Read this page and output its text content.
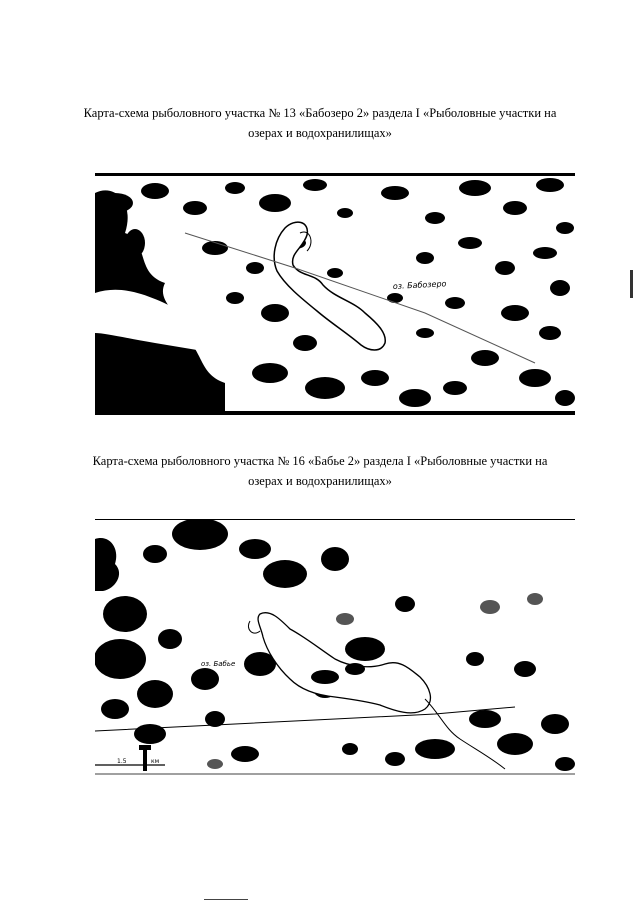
Карта-схема рыболовного участка № 13 «Бабозеро 2» раздела I «Рыболовные участки на озерах и водохранилищах»

оз. Бабозеро

Карта-схема рыболовного участка № 16 «Бабье 2» раздела I «Рыболовные участки на озерах и водохранилищах»

оз. Бабье
1.5	км
